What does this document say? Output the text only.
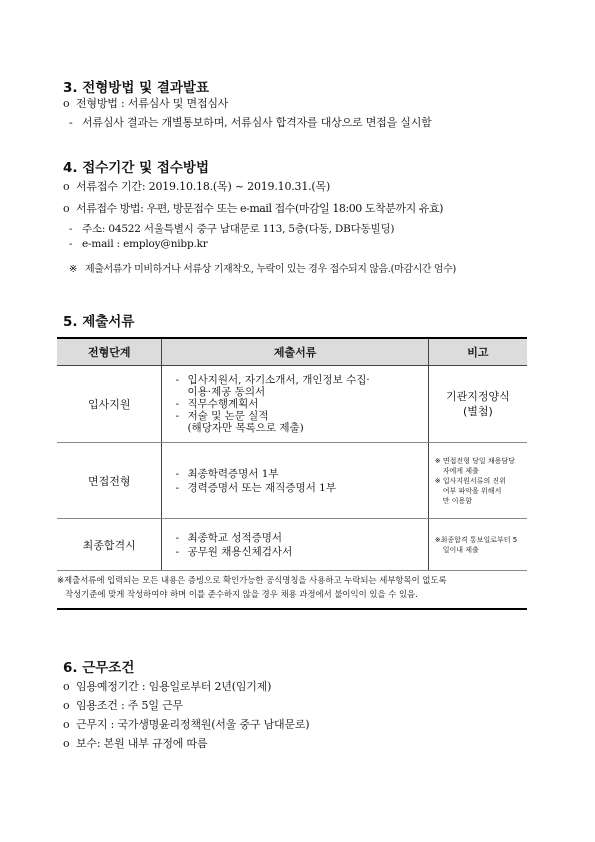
3. 전형방법 및 결과발표
o 전형방법 : 서류심사 및 면접심사
- 서류심사 결과는 개별통보하며, 서류심사 합격자를 대상으로 면접을 실시함
4. 접수기간 및 접수방법
o 서류접수 기간: 2019.10.18.(목) ~ 2019.10.31.(목)
o 서류접수 방법: 우편, 방문접수 또는 e-mail 접수(마감일 18:00 도착분까지 유효)
- 주소: 04522 서울특별시 중구 남대문로 113, 5층(다동, DB다동빌딩)
- e-mail : employ@nibp.kr
※ 제출서류가 미비하거나 서류상 기재착오, 누락이 있는 경우 접수되지 않음.(마감시간 엄수)
5. 제출서류
전형단계	제출서류	비고
입사지원	- 입사지원서, 자기소개서, 개인정보 수집·
이용·제공 동의서
- 직무수행계획서
- 저술 및 논문 실적
(해당자만 목록으로 제출)	기관지정양식
(별첨)

면접전형	- 최종학력증명서 1부
- 경력증명서 또는 재직증명서 1부	※ 면접전형 당일 채용담당
자에게 제출
※ 입사지원서류의 진위
여부 파악을 위해서
만 이용함

최종합격시	- 최종학교 성적증명서
- 공무원 채용신체검사서	※최종합격 통보일로부터 5
일이내 제출
※제출서류에 입력되는 모든 내용은 증빙으로 확인가능한 공식명칭을 사용하고 누락되는 세부항목이 없도록
작성기준에 맞게 작성하여야 하며 이를 준수하지 않을 경우 채용 과정에서 불이익이 있을 수 있음.
6. 근무조건
o 임용예정기간 : 임용일로부터 2년(임기제)
o 임용조건 : 주 5일 근무
o 근무지 : 국가생명윤리정책원(서울 중구 남대문로)
o 보수: 본원 내부 규정에 따름
